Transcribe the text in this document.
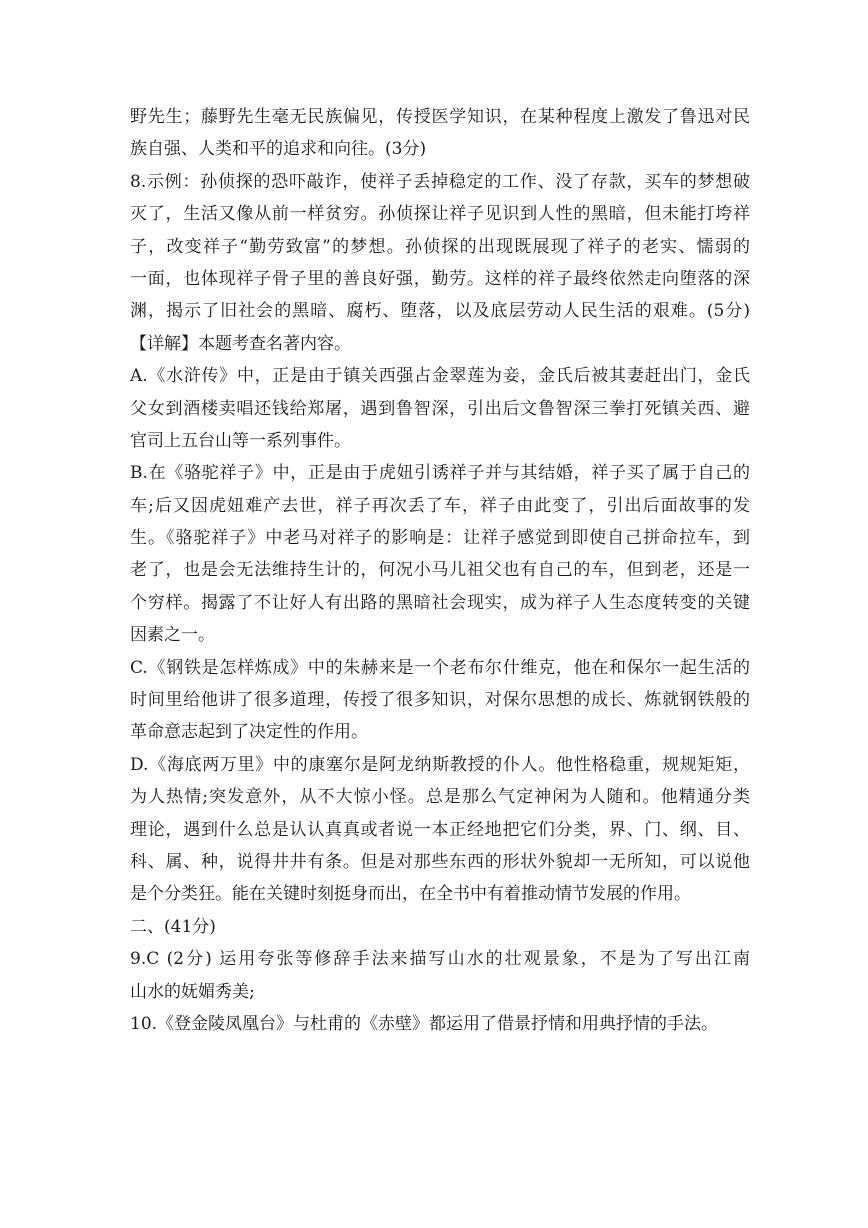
野先生；藤野先生毫无民族偏见，传授医学知识，在某种程度上激发了鲁迅对民
族自强、人类和平的追求和向往。(3分)
8.示例：孙侦探的恐吓敲诈，使祥子丢掉稳定的工作、没了存款，买车的梦想破
灭了，生活又像从前一样贫穷。孙侦探让祥子见识到人性的黑暗，但未能打垮祥
子，改变祥子“勤劳致富”的梦想。孙侦探的出现既展现了祥子的老实、懦弱的
一面，也体现祥子骨子里的善良好强，勤劳。这样的祥子最终依然走向堕落的深
渊，揭示了旧社会的黑暗、腐朽、堕落，以及底层劳动人民生活的艰难。(5分)
【详解】本题考查名著内容。
A.《水浒传》中，正是由于镇关西强占金翠莲为妾，金氏后被其妻赶出门，金氏
父女到酒楼卖唱还钱给郑屠，遇到鲁智深，引出后文鲁智深三拳打死镇关西、避
官司上五台山等一系列事件。
B.在《骆驼祥子》中，正是由于虎妞引诱祥子并与其结婚，祥子买了属于自己的
车;后又因虎妞难产去世，祥子再次丢了车，祥子由此变了，引出后面故事的发
生。《骆驼祥子》中老马对祥子的影响是：让祥子感觉到即使自己拼命拉车，到
老了，也是会无法维持生计的，何况小马儿祖父也有自己的车，但到老，还是一
个穷样。揭露了不让好人有出路的黑暗社会现实，成为祥子人生态度转变的关键
因素之一。
C.《钢铁是怎样炼成》中的朱赫来是一个老布尔什维克，他在和保尔一起生活的
时间里给他讲了很多道理，传授了很多知识，对保尔思想的成长、炼就钢铁般的
革命意志起到了决定性的作用。
D.《海底两万里》中的康塞尔是阿龙纳斯教授的仆人。他性格稳重，规规矩矩，
为人热情;突发意外，从不大惊小怪。总是那么气定神闲为人随和。他精通分类
理论，遇到什么总是认认真真或者说一本正经地把它们分类，界、门、纲、目、
科、属、种，说得井井有条。但是对那些东西的形状外貌却一无所知，可以说他
是个分类狂。能在关键时刻挺身而出，在全书中有着推动情节发展的作用。
二、(41分)
9.C (2分) 运用夸张等修辞手法来描写山水的壮观景象，不是为了写出江南
山水的妩媚秀美;
10.《登金陵凤凰台》与杜甫的《赤壁》都运用了借景抒情和用典抒情的手法。
